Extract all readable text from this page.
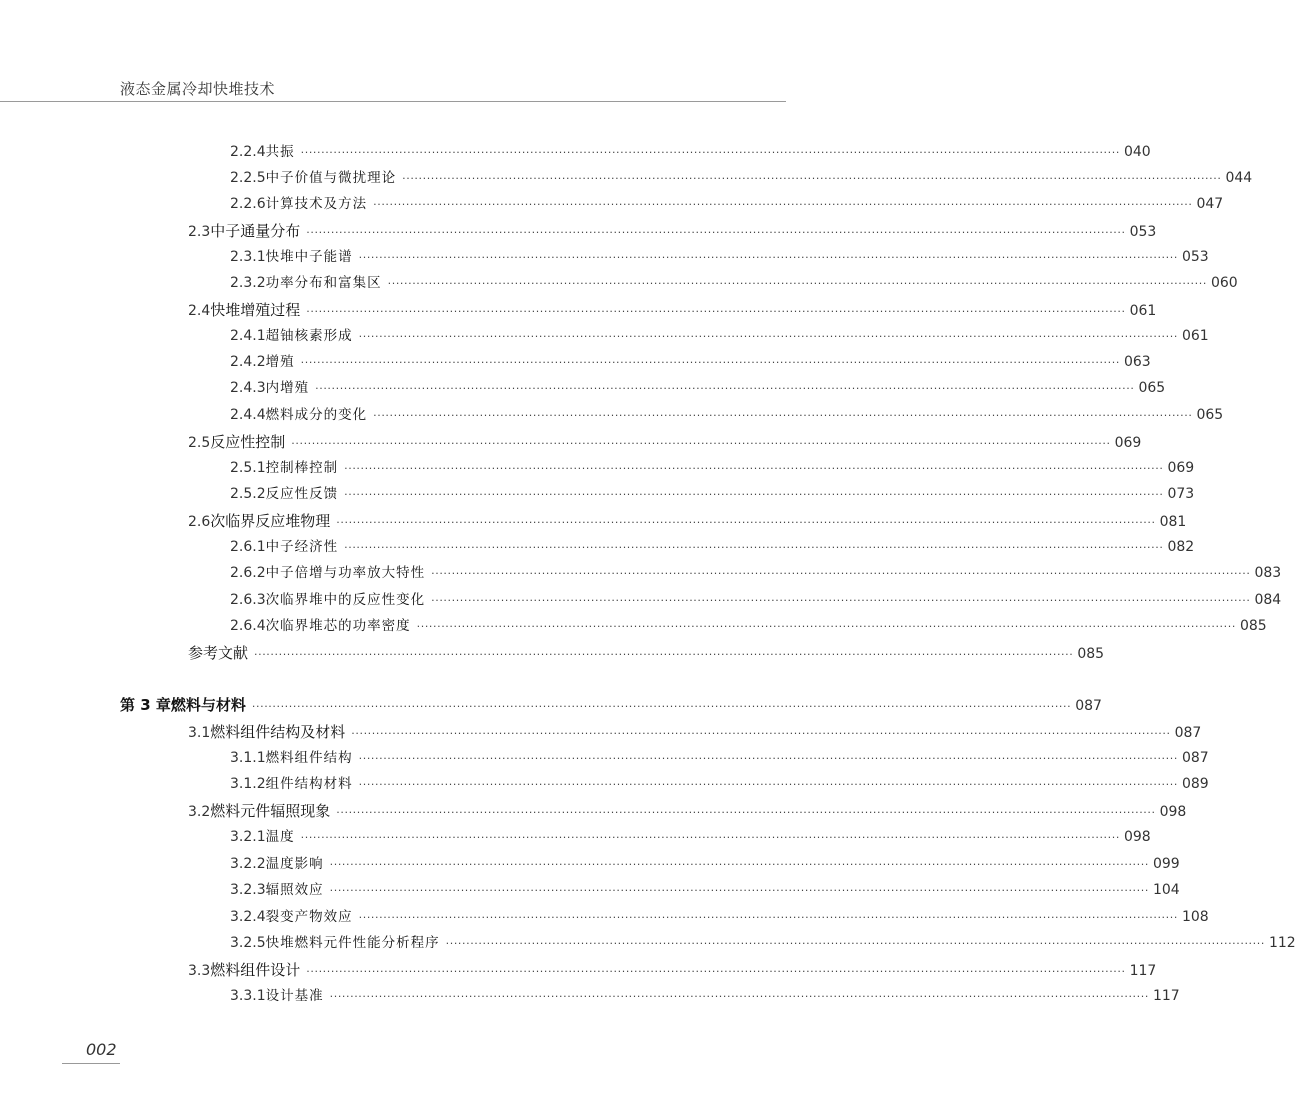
液态金属冷却快堆技术
2.2.4 共振 ········································································································································································································ 040
2.2.5 中子价值与微扰理论 ········································································································································································································ 044
2.2.6 计算技术及方法 ········································································································································································································ 047
2.3 中子通量分布 ········································································································································································································ 053
2.3.1 快堆中子能谱 ········································································································································································································ 053
2.3.2 功率分布和富集区 ········································································································································································································ 060
2.4 快堆增殖过程 ········································································································································································································ 061
2.4.1 超铀核素形成 ········································································································································································································ 061
2.4.2 增殖 ········································································································································································································ 063
2.4.3 内增殖 ········································································································································································································ 065
2.4.4 燃料成分的变化 ········································································································································································································ 065
2.5 反应性控制 ········································································································································································································ 069
2.5.1 控制棒控制 ········································································································································································································ 069
2.5.2 反应性反馈 ········································································································································································································ 073
2.6 次临界反应堆物理 ········································································································································································································ 081
2.6.1 中子经济性 ········································································································································································································ 082
2.6.2 中子倍增与功率放大特性 ········································································································································································································ 083
2.6.3 次临界堆中的反应性变化 ········································································································································································································ 084
2.6.4 次临界堆芯的功率密度 ········································································································································································································ 085
参考文献 ········································································································································································································ 085
第 3 章 燃料与材料 ········································································································································································································ 087
3.1 燃料组件结构及材料 ········································································································································································································ 087
3.1.1 燃料组件结构 ········································································································································································································ 087
3.1.2 组件结构材料 ········································································································································································································ 089
3.2 燃料元件辐照现象 ········································································································································································································ 098
3.2.1 温度 ········································································································································································································ 098
3.2.2 温度影响 ········································································································································································································ 099
3.2.3 辐照效应 ········································································································································································································ 104
3.2.4 裂变产物效应 ········································································································································································································ 108
3.2.5 快堆燃料元件性能分析程序 ········································································································································································································ 112
3.3 燃料组件设计 ········································································································································································································ 117
3.3.1 设计基准 ········································································································································································································ 117
002
